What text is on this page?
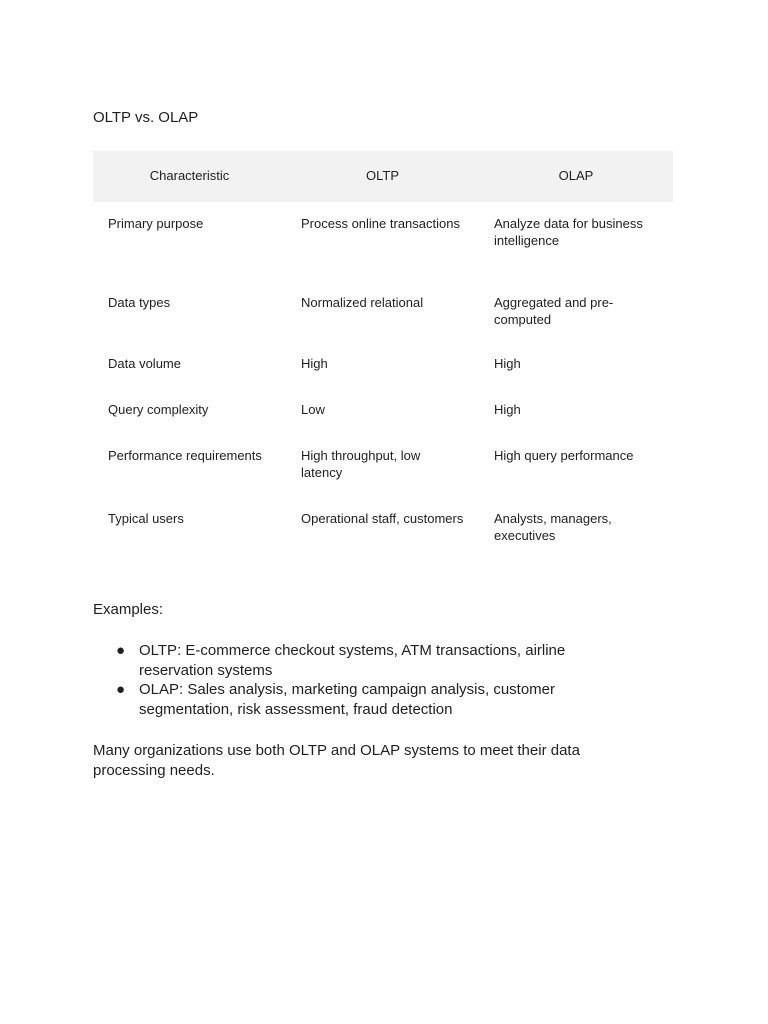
OLTP vs. OLAP
Characteristic	OLTP	OLAP
Primary purpose	Process online transactions	Analyze data for business intelligence
Data types	Normalized relational	Aggregated and pre-computed
Data volume	High	High
Query complexity	Low	High
Performance requirements	High throughput, low latency	High query performance
Typical users	Operational staff, customers	Analysts, managers, executives

Examples:

● OLTP: E-commerce checkout systems, ATM transactions, airline reservation systems
● OLAP: Sales analysis, marketing campaign analysis, customer segmentation, risk assessment, fraud detection

Many organizations use both OLTP and OLAP systems to meet their data processing needs.
